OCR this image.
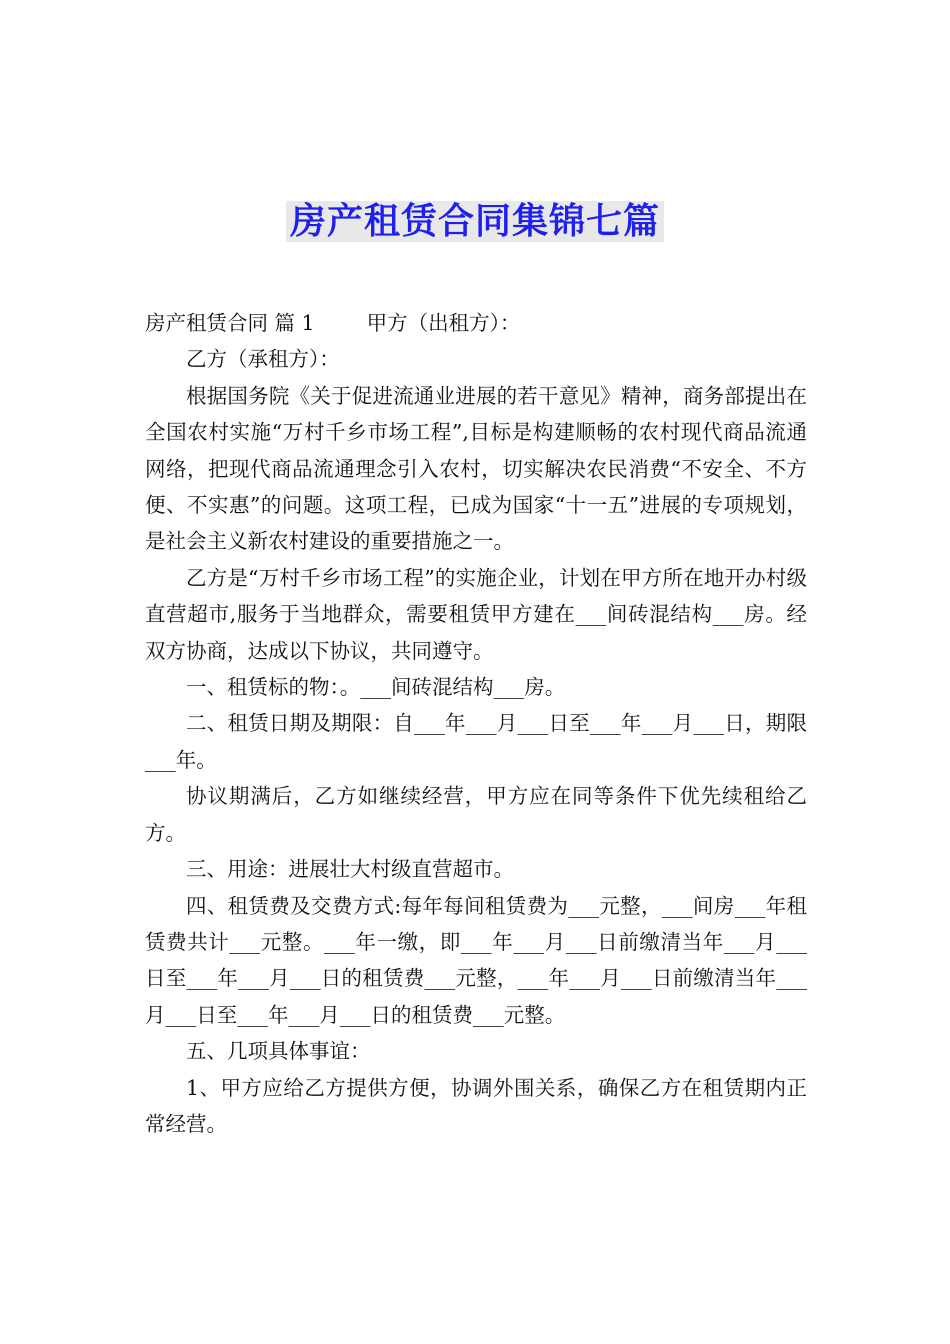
房产租赁合同集锦七篇

房产租赁合同 篇 1	甲方（出租方）：

乙方（承租方）：

根据国务院《关于促进流通业进展的若干意见》精神，商务部提出在全国农村实施“万村千乡市场工程”,目标是构建顺畅的农村现代商品流通网络，把现代商品流通理念引入农村，切实解决农民消费“不安全、不方便、不实惠”的问题。这项工程，已成为国家“十一五”进展的专项规划，是社会主义新农村建设的重要措施之一。

乙方是“万村千乡市场工程”的实施企业，计划在甲方所在地开办村级直营超市,服务于当地群众，需要租赁甲方建在___间砖混结构___房。经双方协商，达成以下协议，共同遵守。

一、租赁标的物：。___间砖混结构___房。

二、租赁日期及期限：自___年___月___日至___年___月___日，期限___年。

协议期满后，乙方如继续经营，甲方应在同等条件下优先续租给乙方。

三、用途：进展壮大村级直营超市。

四、租赁费及交费方式:每年每间租赁费为___元整，___间房___年租赁费共计___元整。___年一缴，即___年___月___日前缴清当年___月___日至___年___月___日的租赁费___元整，___年___月___日前缴清当年___月___日至___年___月___日的租赁费___元整。

五、几项具体事谊：

1、甲方应给乙方提供方便，协调外围关系，确保乙方在租赁期内正常经营。
